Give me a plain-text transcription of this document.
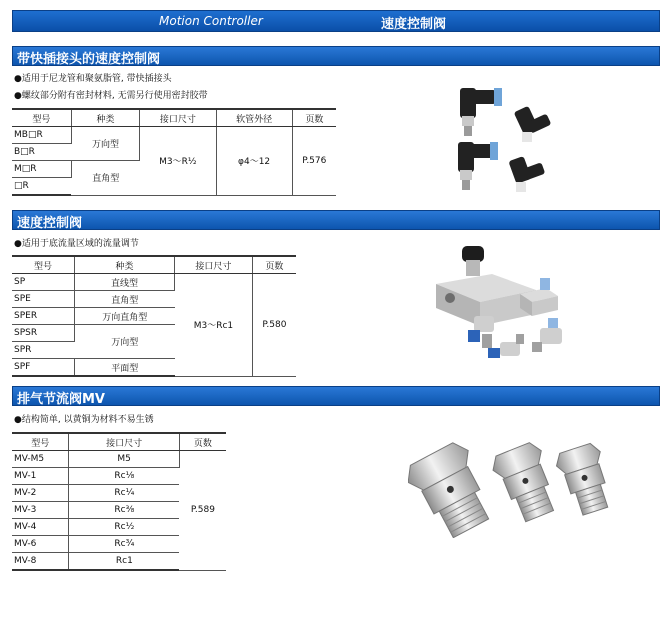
Motion Controller	速度控制阀
带快插接头的速度控制阀
●适用于尼龙管和聚氨脂管, 带快插接头
●螺纹部分附有密封材料, 无需另行使用密封胶带
型号	种类	接口尺寸	软管外径	页数
MB□R	万向型	M3～R½	φ4～12	P.576
B□R				
M□R	直角型			
□R				
速度控制阀
●适用于底流量区域的流量调节
型号	种类	接口尺寸	页数
SP	直线型	M3～Rc1	P.580
SPE	直角型		
SPER	万向直角型		
SPSR	万向型		
SPR			
SPF	平面型		
排气节流阀MV
●结构简单, 以黄铜为材料不易生锈
型号	接口尺寸	页数
MV-M5	M5	P.589
MV-1	Rc⅛	
MV-2	Rc¼	
MV-3	Rc⅜	
MV-4	Rc½	
MV-6	Rc¾	
MV-8	Rc1	
